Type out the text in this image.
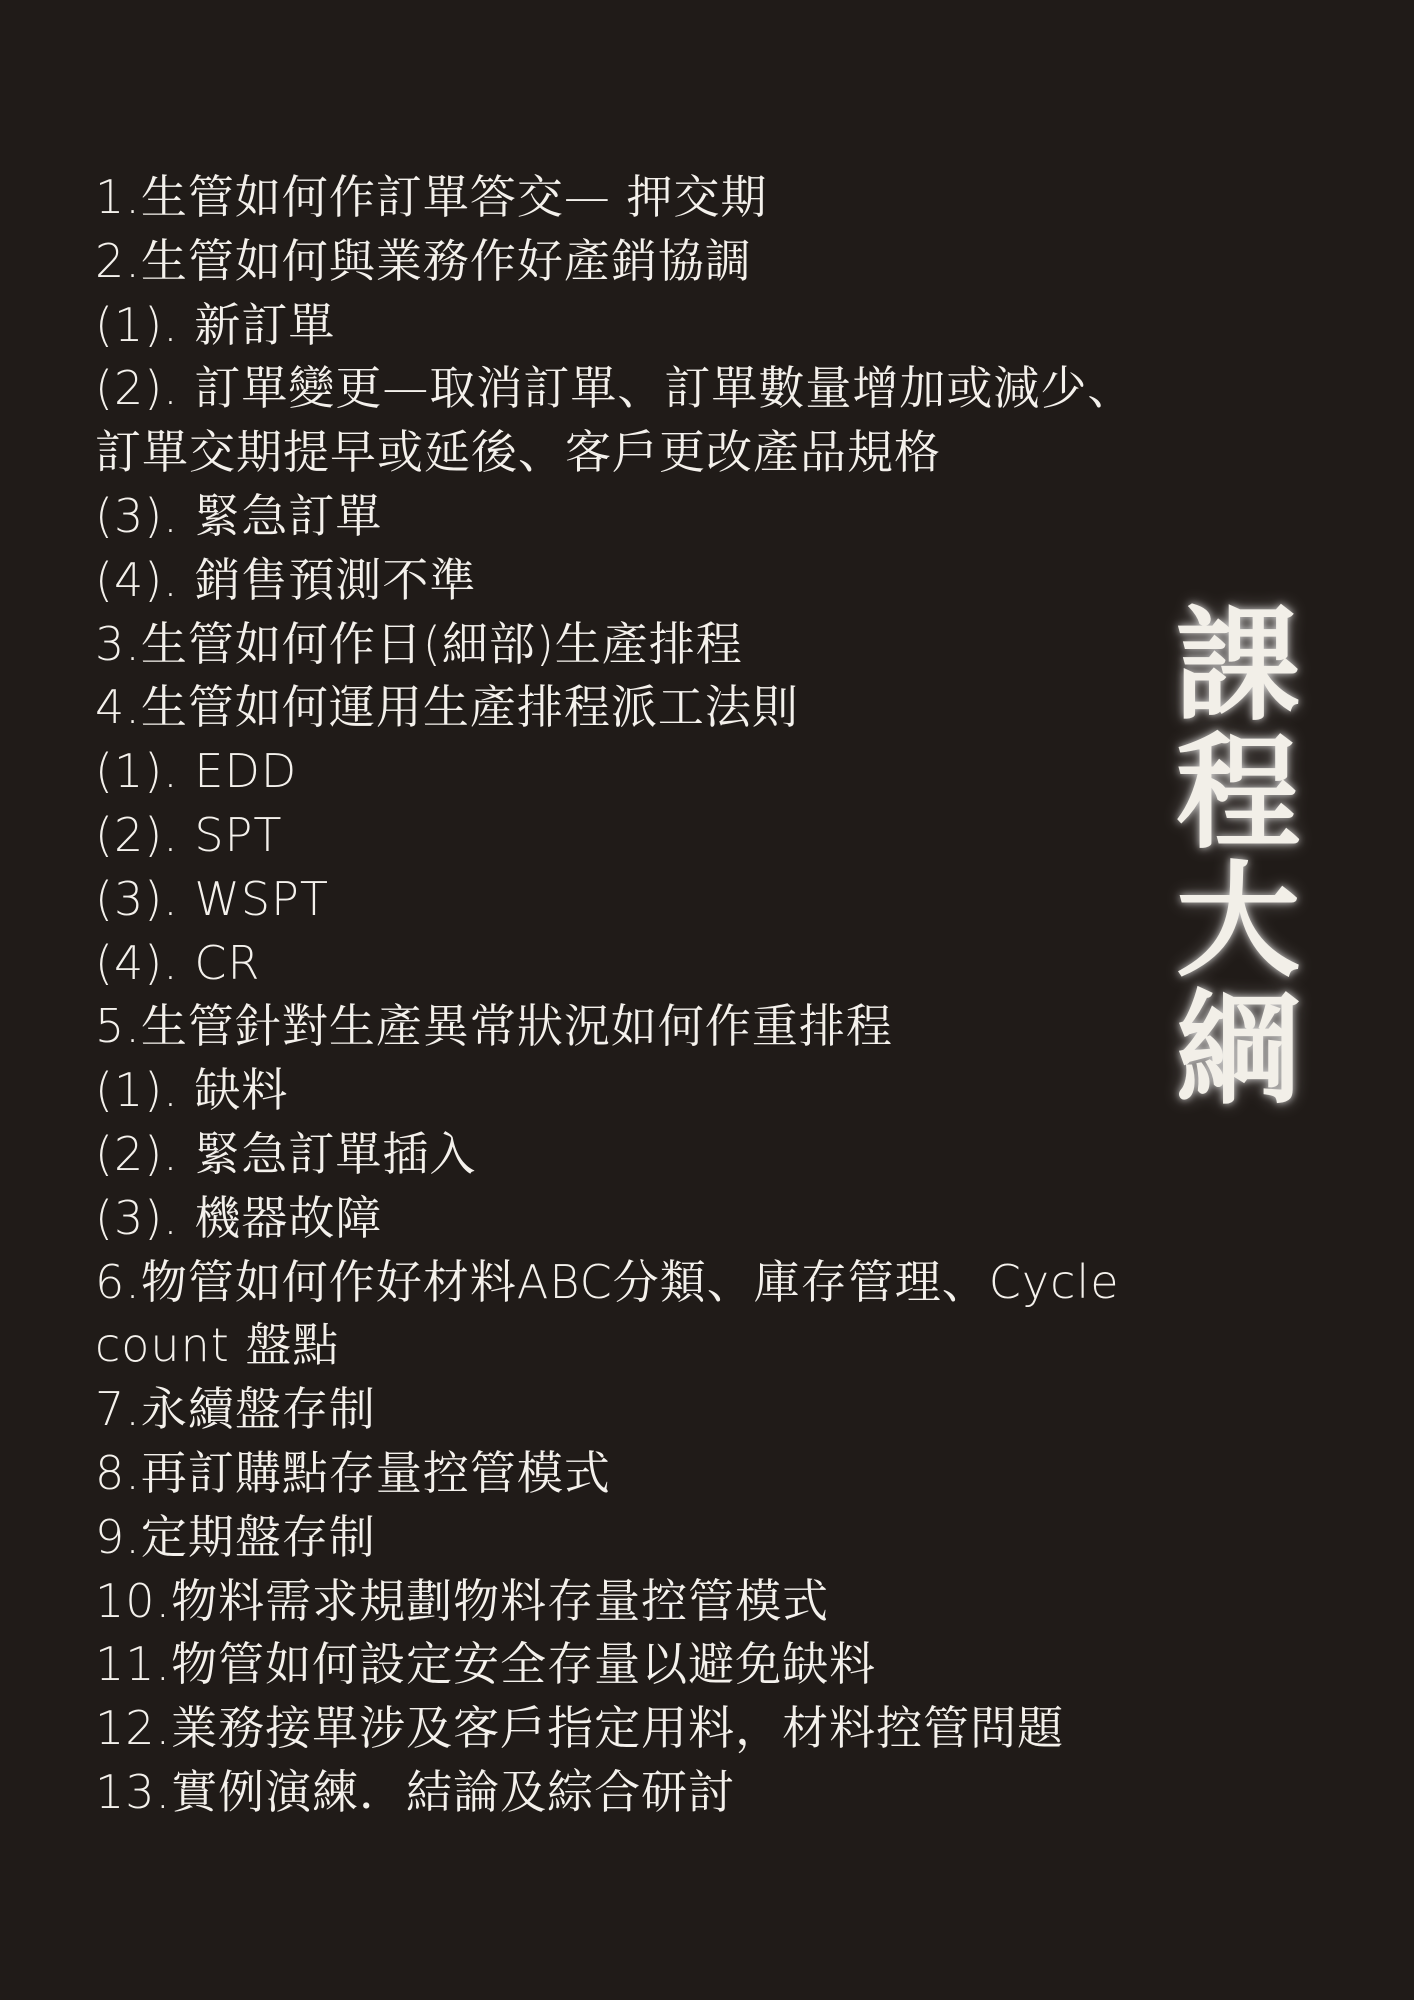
1.生管如何作訂單答交— 押交期
2.生管如何與業務作好產銷協調
(1). 新訂單
(2). 訂單變更—取消訂單、訂單數量增加或減少、
訂單交期提早或延後、客戶更改產品規格
(3). 緊急訂單
(4). 銷售預測不準
3.生管如何作日(細部)生產排程
4.生管如何運用生產排程派工法則
(1). EDD
(2). SPT
(3). WSPT
(4). CR
5.生管針對生產異常狀況如何作重排程
(1). 缺料
(2). 緊急訂單插入
(3). 機器故障
6.物管如何作好材料ABC分類、庫存管理、Cycle
count 盤點
7.永續盤存制
8.再訂購點存量控管模式
9.定期盤存制
10.物料需求規劃物料存量控管模式
11.物管如何設定安全存量以避免缺料
12.業務接單涉及客戶指定用料，材料控管問題
13.實例演練．結論及綜合研討
課
程
大
綱
